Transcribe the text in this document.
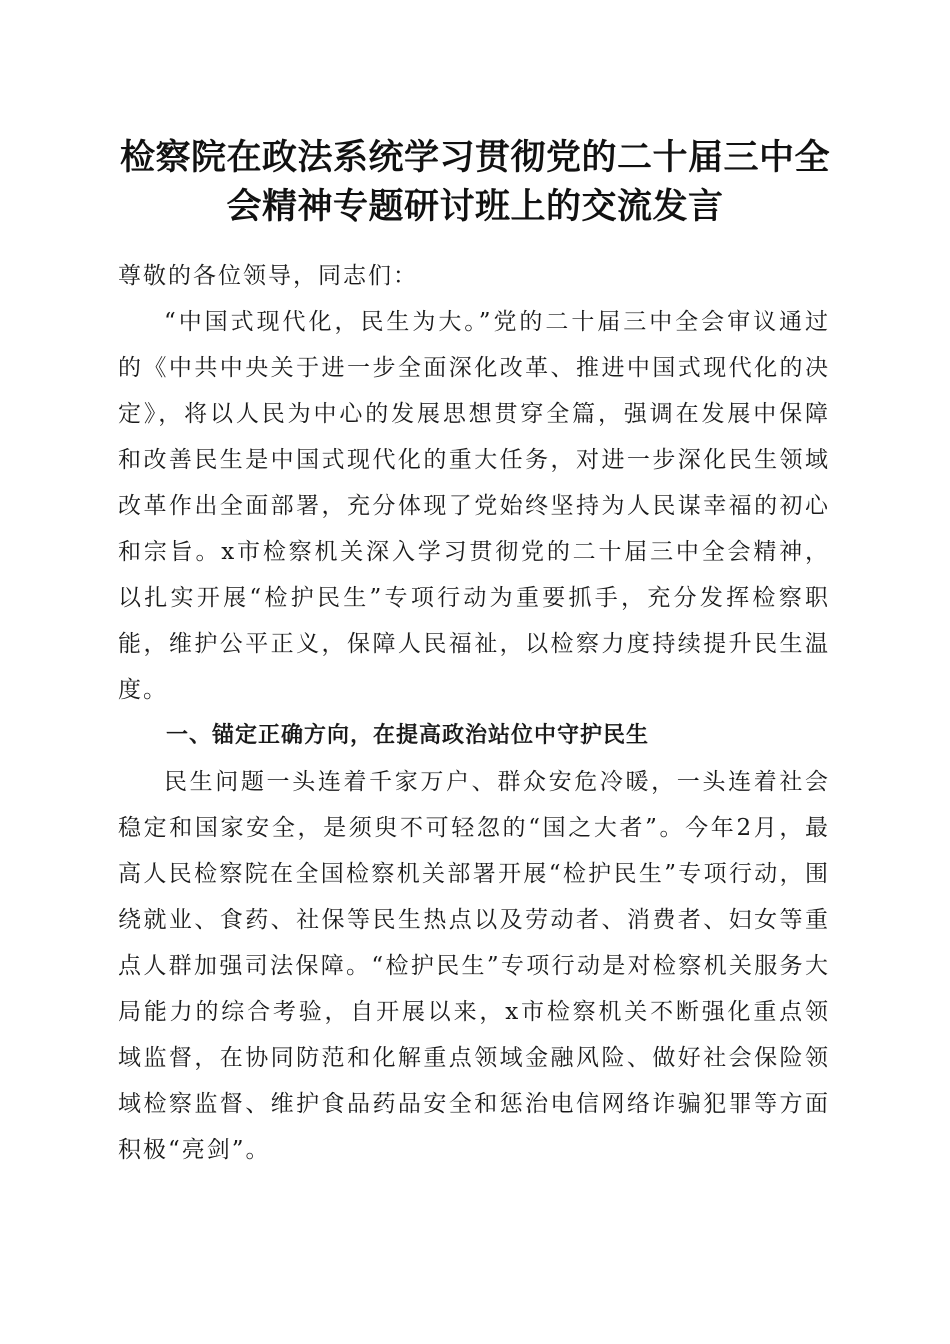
检察院在政法系统学习贯彻党的二十届三中全
会精神专题研讨班上的交流发言

尊敬的各位领导，同志们：

“中国式现代化，民生为大。”党的二十届三中全会审议通过的《中共中央关于进一步全面深化改革、推进中国式现代化的决定》，将以人民为中心的发展思想贯穿全篇，强调在发展中保障和改善民生是中国式现代化的重大任务，对进一步深化民生领域改革作出全面部署，充分体现了党始终坚持为人民谋幸福的初心和宗旨。x市检察机关深入学习贯彻党的二十届三中全会精神，以扎实开展“检护民生”专项行动为重要抓手，充分发挥检察职能，维护公平正义，保障人民福祉，以检察力度持续提升民生温度。

一、锚定正确方向，在提高政治站位中守护民生

民生问题一头连着千家万户、群众安危冷暖，一头连着社会稳定和国家安全，是须臾不可轻忽的“国之大者”。今年2月，最高人民检察院在全国检察机关部署开展“检护民生”专项行动，围绕就业、食药、社保等民生热点以及劳动者、消费者、妇女等重点人群加强司法保障。“检护民生”专项行动是对检察机关服务大局能力的综合考验，自开展以来，x市检察机关不断强化重点领域监督，在协同防范和化解重点领域金融风险、做好社会保险领域检察监督、维护食品药品安全和惩治电信网络诈骗犯罪等方面积极“亮剑”。
